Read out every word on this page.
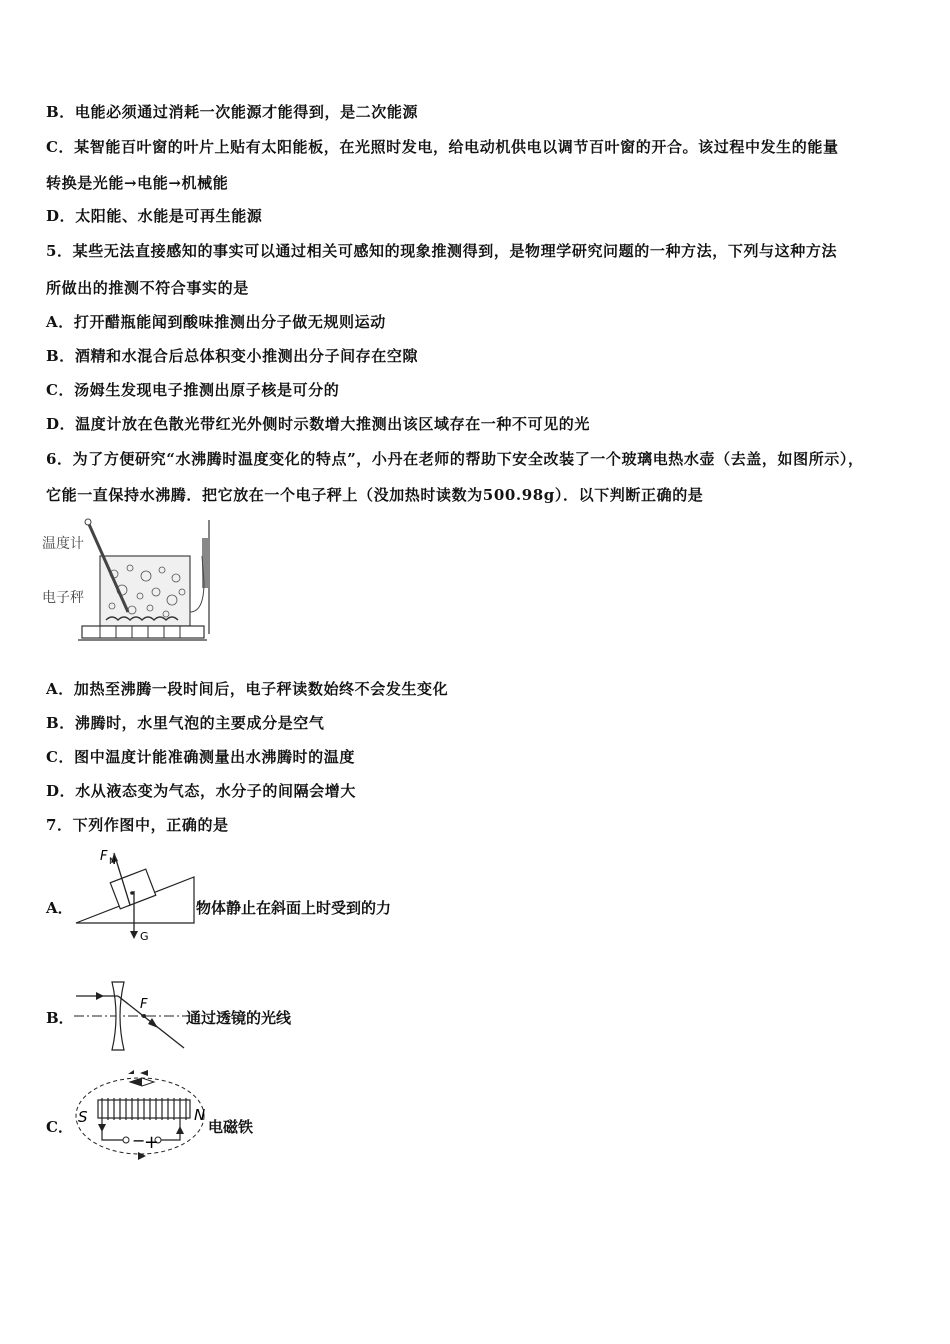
B．电能必须通过消耗一次能源才能得到，是二次能源
C．某智能百叶窗的叶片上贴有太阳能板，在光照时发电，给电动机供电以调节百叶窗的开合。该过程中发生的能量
转换是光能→电能→机械能
D．太阳能、水能是可再生能源
5．某些无法直接感知的事实可以通过相关可感知的现象推测得到，是物理学研究问题的一种方法，下列与这种方法
所做出的推测不符合事实的是
A．打开醋瓶能闻到酸味推测出分子做无规则运动
B．酒精和水混合后总体积变小推测出分子间存在空隙
C．汤姆生发现电子推测出原子核是可分的
D．温度计放在色散光带红光外侧时示数增大推测出该区域存在一种不可见的光
6．为了方便研究“水沸腾时温度变化的特点”，小丹在老师的帮助下安全改装了一个玻璃电热水壶（去盖，如图所示），
它能一直保持水沸腾．把它放在一个电子秤上（没加热时读数为500.98g）．以下判断正确的是
温度计
电子秤
A．加热至沸腾一段时间后，电子秤读数始终不会发生变化
B．沸腾时，水里气泡的主要成分是空气
C．图中温度计能准确测量出水沸腾时的温度
D．水从液态变为气态，水分子的间隔会增大
7．下列作图中，正确的是
A．
F N
G
物体静止在斜面上时受到的力
B．
F
通过透镜的光线
C．
−
+
S	N
电磁铁
